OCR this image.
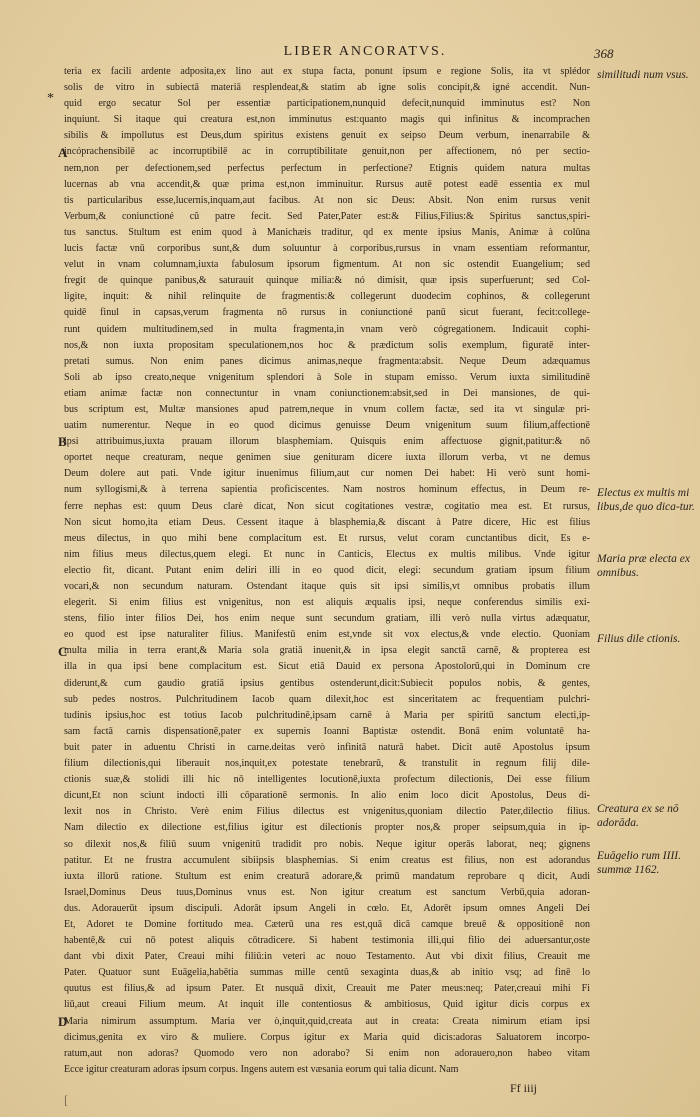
LIBER ANCORATVS.	368
*
A
B
C
D
teria ex facili ardente adposita,ex lino aut ex stupa facta, ponunt ipsum e regione Solis, ita vt splédor
solis de vitro in subiectā materiā resplendeat,& statim ab igne solis concipit,& igné accendit. Nun-
quid ergo secatur Sol per essentiæ participationem,nunquid defecit,nunquid imminutus est? Non
inquiunt. Si itaque qui creatura est,non imminutus est:quanto magis qui infinitus & incomprachen
sibilis & impollutus est Deus,dum spiritus existens genuit ex seipso Deum verbum, inenarrabile &
incóprachensibilē ac incorruptibilē ac in corruptibilitate genuit,non per affectionem, nó per sectio-
nem,non per defectionem,sed perfectus perfectum in perfectione? Etignis quidem natura multas
lucernas ab vna accendit,& quæ prima est,non imminuitur. Rursus autē potest eadē essentia ex mul
tis particularibus esse,lucernis,inquam,aut facibus. At non sic Deus: Absit. Non enim rursus venit
Verbum,& coniunctioné cũ patre fecit. Sed Pater,Pater est:& Filius,Filius:& Spiritus sanctus,spiri-
tus sanctus. Stultum est enim quod à Manichæis traditur, qd ex mente ipsius Manis, Animæ à colūna
lucis factæ vnū corporibus sunt,& dum soluuntur à corporibus,rursus in vnam essentiam reformantur,
velut in vnam columnam,iuxta fabulosum ipsorum figmentum. At non sic ostendit Euangelium; sed
fregit de quinque panibus,& saturauit quinque milia:& nó dimisit, quæ ipsis superfuerunt; sed Col-
ligite, inquit: & nihil relinquite de fragmentis:& collegerunt duodecim cophinos, & collegerunt
quidē finul in capsas,verum fragmenta nō rursus in coniunctioné panū sicut fuerant, fecit:college-
runt quidem multitudinem,sed in multa fragmenta,in vnam verò cógregationem. Indicauit cophi-
nos,& non iuxta propositam speculationem,nos hoc & prædictum solis exemplum, figuratē inter-
pretati sumus. Non enim panes dicimus animas,neque fragmenta:absit. Neque Deum adæquamus
Soli ab ipso creato,neque vnigenitum splendori à Sole in stupam emisso. Verum iuxta similitudinē
etiam animæ factæ non connectuntur in vnam coniunctionem:absit,sed in Dei mansiones, de qui-
bus scriptum est, Multæ mansiones apud patrem,neque in vnum collem factæ, sed ita vt singulæ pri-
uatim numerentur. Neque in eo quod dicimus genuisse Deum vnigenitum suum filium,affectionē
ipsi attribuimus,iuxta prauam illorum blasphemiam. Quisquis enim affectuose gignit,patitur:& nō
oportet neque creaturam, neque genimen siue genituram dicere iuxta illorum verba, vt ne demus
Deum dolere aut pati. Vnde igitur inuenimus filium,aut cur nomen Dei habet: Hi verò sunt homi-
num syllogismi,& à terrena sapientia proficiscentes. Nam nostros hominum effectus, in Deum re-
ferre nephas est: quum Deus clarè dicat, Non sicut cogitationes vestræ, cogitatio mea est. Et rursus,
Non sicut homo,ita etiam Deus. Cessent itaque à blasphemia,& discant à Patre dicere, Hic est filius
meus dilectus, in quo mihi bene complacitum est. Et rursus, velut coram cunctantibus dicit, Es e-
nim filius meus dilectus,quem elegi. Et nunc in Canticis, Electus ex multis milibus. Vnde igitur
electio fit, dicant. Putant enim deliri illi in eo quod dicit, elegi: secundum gratiam ipsum filium
vocari,& non secundum naturam. Ostendant itaque quis sit ipsi similis,vt omnibus probatis illum
elegerit. Si enim filius est vnigenitus, non est aliquis æqualis ipsi, neque conferendus similis exi-
stens, filio inter filios Dei, hos enim neque sunt secundum gratiam, illi verò nulla virtus adæquatur,
eo quod est ipse naturaliter filius. Manifestū enim est,vnde sit vox electus,& vnde electio. Quoniam
multa milia in terra erant,& Maria sola gratiā inuenit,& in ipsa elegit sanctā carnē, & propterea est
illa in qua ipsi bene complacitum est. Sicut etiā Dauid ex persona Apostolorū,qui in Dominum cre
diderunt,& cum gaudio gratiā ipsius gentibus ostenderunt,dicit:Subiecit populos nobis, & gentes,
sub pedes nostros. Pulchritudinem Iacob quam dilexit,hoc est sinceritatem ac frequentiam pulchri-
tudinis ipsius,hoc est totius Iacob pulchritudinē,ipsam carnē à Maria per spiritū sanctum electi,ip-
sam factā carnis dispensationē,pater ex supernis Ioanni Baptistæ ostendit. Bonā enim voluntatē ha-
buit pater in aduentu Christi in carne.deitas verò infinitā naturā habet. Dicit autē Apostolus ipsum
filium dilectionis,qui liberauit nos,inquit,ex potestate tenebrarū, & transtulit in regnum filij dile-
ctionis suæ,& stolidi illi hic nō intelligentes locutionē,iuxta profectum dilectionis, Dei esse filium
dicunt,Et non sciunt indocti illi cōparationē sermonis. In alio enim loco dicit Apostolus, Deus di-
lexit nos in Christo. Verè enim Filius dilectus est vnigenitus,quoniam dilectio Pater,dilectio filius.
Nam dilectio ex dilectione est,filius igitur est dilectionis propter nos,& proper seipsum,quia in ip-
so dilexit nos,& filiū suum vnigenitū tradidit pro nobis. Neque igitur operās laborat, neq; gignens
patitur. Et ne frustra accumulent sibiipsis blasphemias. Si enim creatus est filius, non est adorandus
iuxta illorū ratione. Stultum est enim creaturā adorare,& primū mandatum reprobare q dicit, Audi
Israel,Dominus Deus tuus,Dominus vnus est. Non igitur creatum est sanctum Verbū,quia adoran-
dus. Adorauerūt ipsum discipuli. Adorāt ipsum Angeli in cœlo. Et, Adorēt ipsum omnes Angeli Dei
Et, Adoret te Domine fortitudo mea. Cæterū una res est,quā dicā camque breuē & oppositionē non
habentē,& cui nō potest aliquis cōtradicere. Si habent testimonia illi,qui filio dei aduersantur,oste
dant vbi dixit Pater, Creaui mihi filiū:in veteri ac nouo Testamento. Aut vbi dixit filius, Creauit me
Pater. Quatuor sunt Euāgelia,habētia summas mille centū sexaginta duas,& ab initio vsq; ad finē lo
quutus est filius,& ad ipsum Pater. Et nusquā dixit, Creauit me Pater meus:neq; Pater,creaui mihi Fi
liū,aut creaui Filium meum. At inquit ille contentiosus & ambitiosus, Quid igitur dicis corpus ex
Maria nimirum assumptum. Maria ver ò,inquit,quid,creata aut in creata: Creata nimirum etiam ipsi
dicimus,genita ex viro & muliere. Corpus igitur ex Maria quid dicis:adoras Saluatorem incorpo-
ratum,aut non adoras? Quomodo vero non adorabo? Si enim non adorauero,non habeo vitam
Ecce igitur creaturam adoras ipsum corpus. Ingens autem est væsania eorum qui talia dicunt. Nam
similitudi num vsus.
Electus ex multis mi libus,de quo dica-tur.
Maria præ electa ex omnibus.
Filius dile ctionis.
Creatura ex se nō adorāda.
Euāgelio rum IIII. summæ 1162.
Ff iiij
[
